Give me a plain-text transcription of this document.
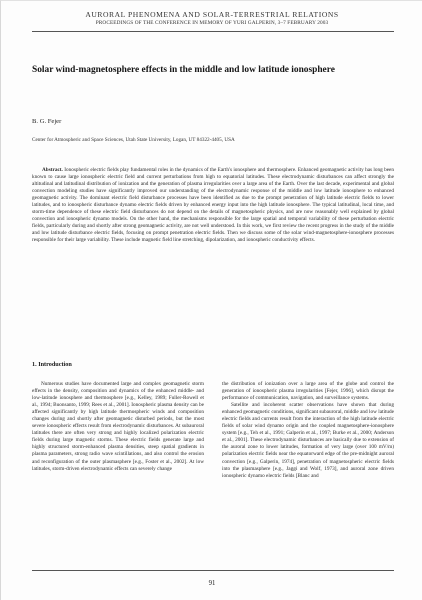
AURORAL PHENOMENA AND SOLAR-TERRESTRIAL RELATIONS
PROCEEDINGS OF THE CONFERENCE IN MEMORY OF YURI GALPERIN, 3–7 FEBRUARY 2003
Solar wind-magnetosphere effects in the middle and low latitude ionosphere
B. G. Fejer
Center for Atmospheric and Space Sciences, Utah State University, Logan, UT 84322-4405, USA
Abstract. Ionospheric electric fields play fundamental roles in the dynamics of the Earth's ionosphere and thermosphere. Enhanced geomagnetic activity has long been known to cause large ionospheric electric field and current perturbations from high to equatorial latitudes. These electrodynamic disturbances can affect strongly the altitudinal and latitudinal distribution of ionization and the generation of plasma irregularities over a large area of the Earth. Over the last decade, experimental and global convection modeling studies have significantly improved our understanding of the electrodynamic response of the middle and low latitude ionosphere to enhanced geomagnetic activity. The dominant electric field disturbance processes have been identified as due to the prompt penetration of high latitude electric fields to lower latitudes, and to ionospheric disturbance dynamo electric fields driven by enhanced energy input into the high latitude ionosphere. The typical latitudinal, local time, and storm-time dependence of these electric field disturbances do not depend on the details of magnetospheric physics, and are now reasonably well explained by global convection and ionospheric dynamo models. On the other hand, the mechanisms responsible for the large spatial and temporal variability of these perturbation electric fields, particularly during and shortly after strong geomagnetic activity, are not well understood. In this work, we first review the recent progress in the study of the middle and low latitude disturbance electric fields, focusing on prompt penetration electric fields. Then we discuss some of the solar wind-magnetosphere-ionosphere processes responsible for their large variability. These include magnetic field line stretching, dipolarization, and ionospheric conductivity effects.
1. Introduction

Numerous studies have documented large and complex geomagnetic storm effects in the density, composition and dynamics of the enhanced middle- and low-latitude ionosphere and thermosphere [e.g., Kelley, 1989; Fuller-Rowell et al., 1994; Buonsanto, 1999; Rees et al., 2001]. Ionospheric plasma density can be affected significantly by high latitude thermospheric winds and composition changes during and shortly after geomagnetic disturbed periods, but the most severe ionospheric effects result from electrodynamic disturbances. At subauroral latitudes there are often very strong and highly localized polarization electric fields during large magnetic storms. These electric fields generate large and highly structured storm-enhanced plasma densities, steep spatial gradients in plasma parameters, strong radio wave scintillations, and also control the erosion and reconfiguration of the outer plasmasphere [e.g., Foster et al., 2002]. At low latitudes, storm-driven electrodynamic effects can severely change

the distribution of ionization over a large area of the globe and control the generation of ionospheric plasma irregularities [Fejer, 1996], which disrupt the performance of communication, navigation, and surveillance systems.

Satellite and incoherent scatter observations have shown that during enhanced geomagnetic conditions, significant subauroral, middle and low latitude electric fields and currents result from the interaction of the high latitude electric fields of solar wind dynamo origin and the coupled magnetosphere-ionosphere system [e.g., Teh et al., 1991; Galperin et al., 1997; Burke et al., 2000; Anderson et al., 2001]. These electrodynamic disturbances are basically due to extension of the auroral zone to lower latitudes, formation of very large (over 100 mV/m) polarization electric fields near the equatorward edge of the pre-midnight auroral convection [e.g., Galperin, 1974], penetration of magnetospheric electric fields into the plasmasphere [e.g., Jaggi and Wolf, 1973], and auroral zone driven ionospheric dynamo electric fields [Blanc and

91
